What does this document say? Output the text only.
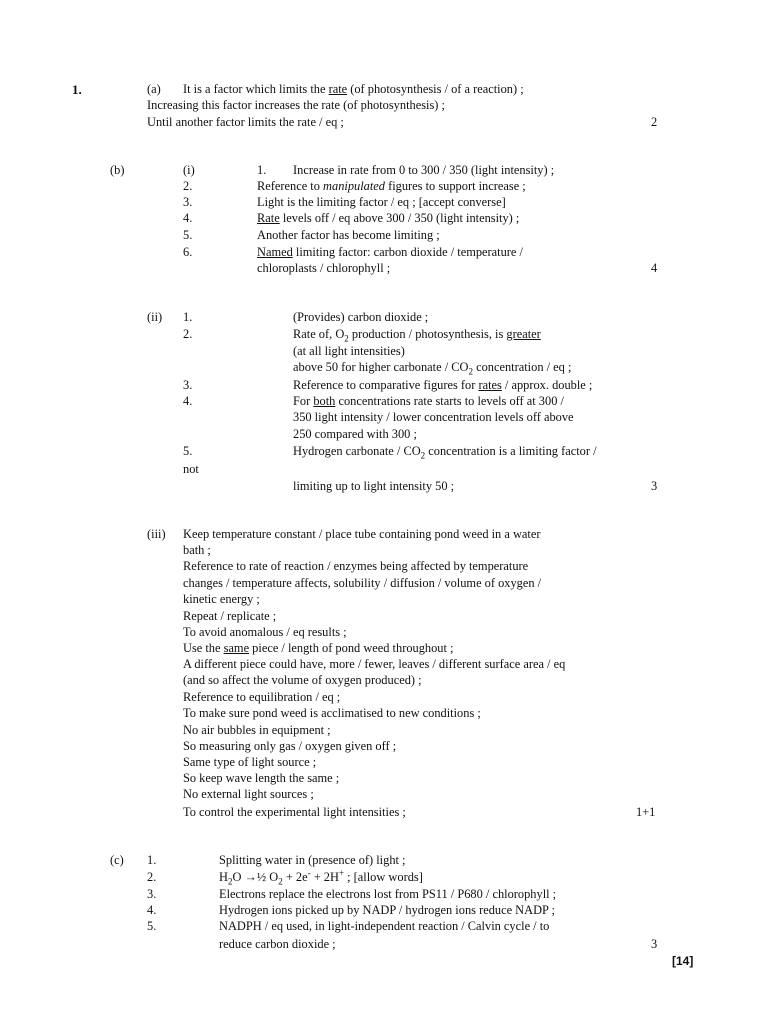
1.	(a) It is a factor which limits the rate (of photosynthesis / of a reaction) ;
Increasing this factor increases the rate (of photosynthesis) ;
Until another factor limits the rate / eq ;	2
(b)	(i)	1. Increase in rate from 0 to 300 / 350 (light intensity) ;
2.	Reference to manipulated figures to support increase ;
3.	Light is the limiting factor / eq ; [accept converse]
4.	Rate levels off / eq above 300 / 350 (light intensity) ;
5.	Another factor has become limiting ;
6.	Named limiting factor: carbon dioxide / temperature /
chloroplasts / chlorophyll ;	4
(ii) 1.	(Provides) carbon dioxide ;
2.	Rate of, $O_2$ production / photosynthesis, is greater
(at all light intensities)
above 50 for higher carbonate / $CO_2$ concentration / eq ;
3.	Reference to comparative figures for rates / approx. double ;
4.	For both concentrations rate starts to levels off at 300 /
350 light intensity / lower concentration levels off above
250 compared with 300 ;
5.	Hydrogen carbonate / $CO_2$ concentration is a limiting factor /
not
limiting up to light intensity 50 ;	3
(iii) Keep temperature constant / place tube containing pond weed in a water
bath ;
Reference to rate of reaction / enzymes being affected by temperature
changes / temperature affects, solubility / diffusion / volume of oxygen /
kinetic energy ;
Repeat / replicate ;
To avoid anomalous / eq results ;
Use the same piece / length of pond weed throughout ;
A different piece could have, more / fewer, leaves / different surface area / eq
(and so affect the volume of oxygen produced) ;
Reference to equilibration / eq ;
To make sure pond weed is acclimatised to new conditions ;
No air bubbles in equipment ;
So measuring only gas / oxygen given off ;
Same type of light source ;
So keep wave length the same ;
No external light sources ;
To control the experimental light intensities ;	1+1
(c) 1.	Splitting water in (presence of) light ;
2.	$H_2O$ →½ $O_2 + 2e^- + 2H^+$ ; [allow words]
3.	Electrons replace the electrons lost from PS11 / P680 / chlorophyll ;
4.	Hydrogen ions picked up by NADP / hydrogen ions reduce NADP ;
5.	NADPH / eq used, in light-independent reaction / Calvin cycle / to
reduce carbon dioxide ;	3
[14]
